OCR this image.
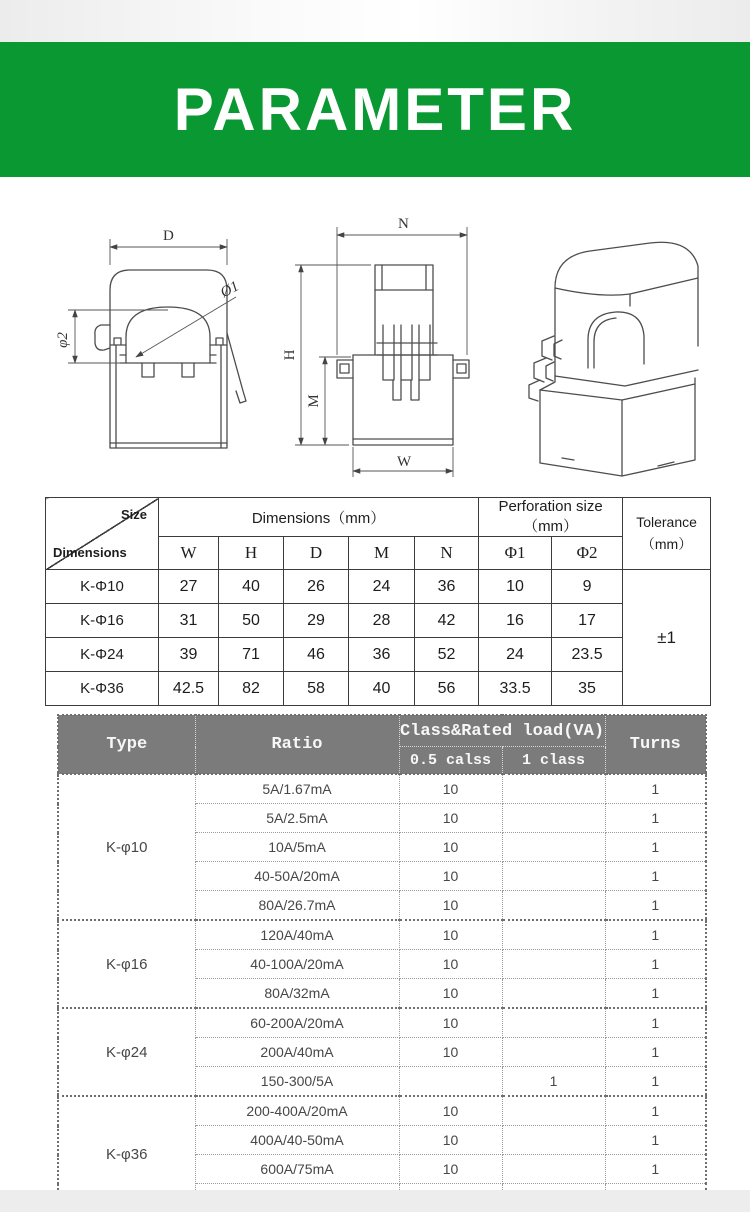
PARAMETER
D
φ2
Ø1
N
H
M
W
Size
Dimensions
	Dimensions（mm）	Perforation size（mm）	Tolerance
（mm）

	W	H	D	M	N	Φ1	Φ2	
K-Φ10	27	40	26	24	36	10	9	±1
K-Φ16	31	50	29	28	42	16	17	
K-Φ24	39	71	46	36	52	24	23.5	
K-Φ36	42.5	82	58	40	56	33.5	35	
Type	Ratio	Class&Rated load(VA)		Turns
		0.5 calss	1 class	
K-φ10	5A/1.67mA	10		1
	5A/2.5mA	10		1
	10A/5mA	10		1
	40-50A/20mA	10		1
	80A/26.7mA	10		1
K-φ16	120A/40mA	10		1
	40-100A/20mA	10		1
	80A/32mA	10		1
K-φ24	60-200A/20mA	10		1
	200A/40mA	10		1
	150-300/5A		1	1
K-φ36	200-400A/20mA	10		1
	400A/40-50mA	10		1
	600A/75mA	10		1
